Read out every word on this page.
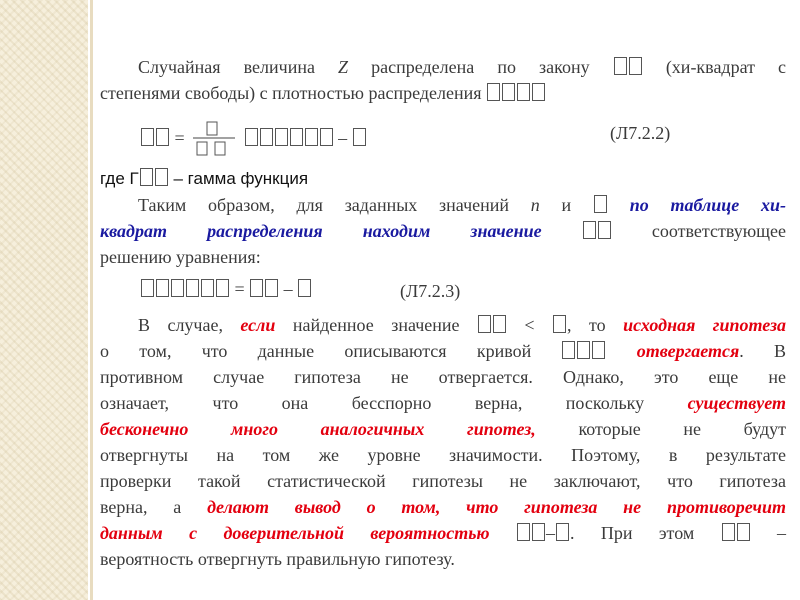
Случайная величина Z распределена по закону	(хи-квадрат с
степенями свободы) с плотностью распределения
=	–	(Л7.2.2)
где Г – гамма функция
Таким образом, для заданных значений n и	по таблице хи-
квадрат распределения находим значение	соответствующее
решению уравнения:
= –	(Л7.2.3)
В случае, если найденное значение	< , то исходная гипотеза
о том, что данные описываются кривой	отвергается. В
противном случае гипотеза не отвергается. Однако, это еще не
означает, что она бесспорно верна, поскольку существует
бесконечно много аналогичных гипотез, которые не будут
отвергнуты на том же уровне значимости. Поэтому, в результате
проверки такой статистической гипотезы не заключают, что гипотеза
верна, а делают вывод о том, что гипотеза не противоречит
данным с доверительной вероятностью	– . При этом	–
вероятность отвергнуть правильную гипотезу.
